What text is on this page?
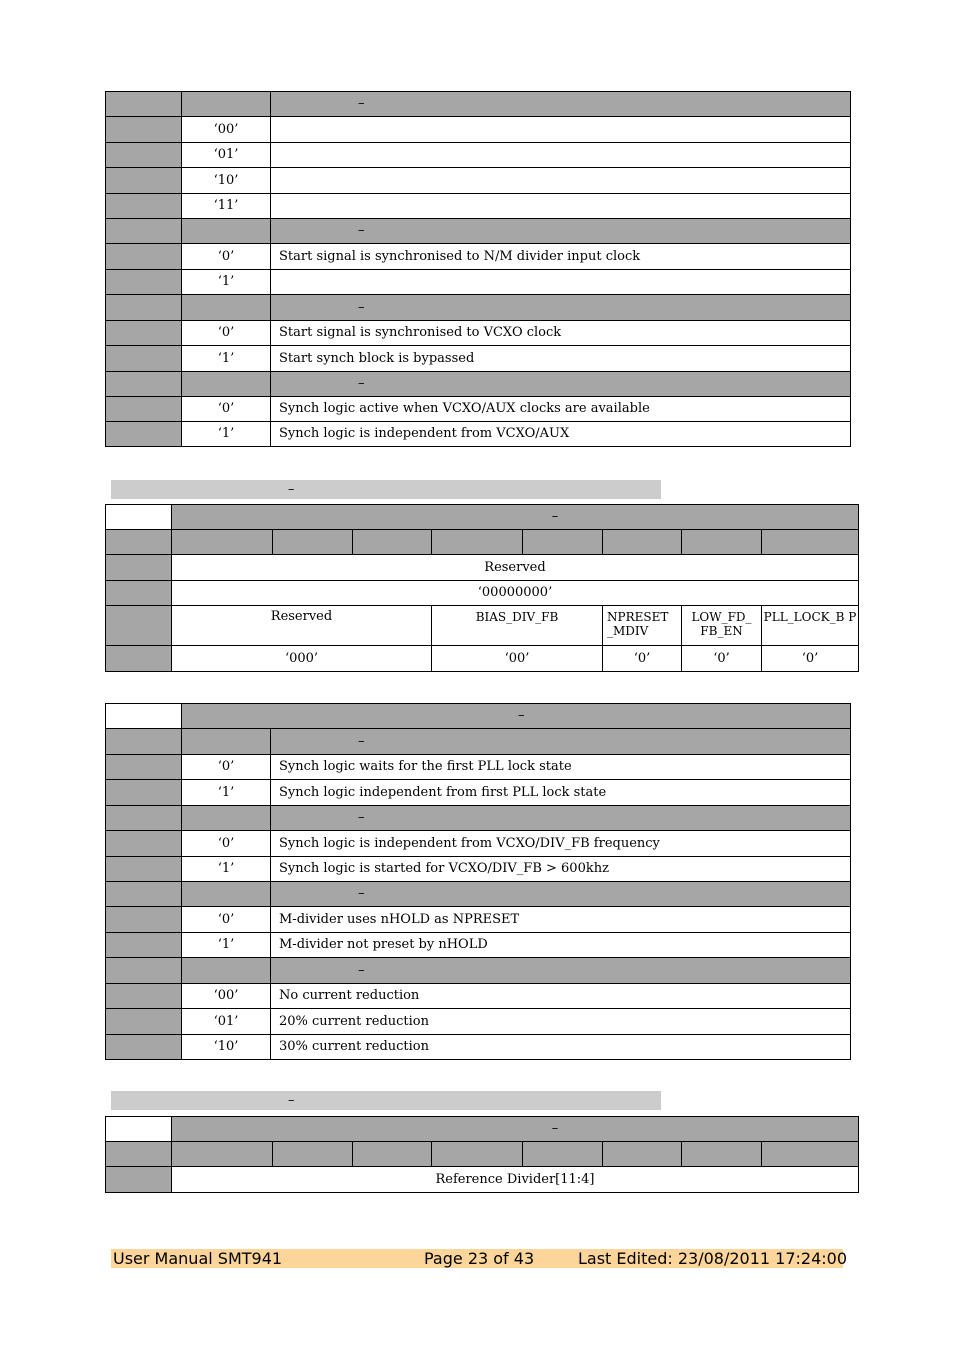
		–
	‘00’	
	‘01’	
	‘10’	
	‘11’	
		–
	‘0’	Start signal is synchronised to N/M divider input clock
	‘1’	
		–
	‘0’	Start signal is synchronised to VCXO clock
	‘1’	Start synch block is bypassed
		–
	‘0’	Synch logic active when VCXO/AUX clocks are available
	‘1’	Synch logic is independent from VCXO/AUX
–
	–							

	Reserved							
	‘00000000’							
	Reserved			BIAS_DIV_FB		NPRESET _MDIV	LOW_FD_ FB_EN	PLL_LOCK_B P
	‘000’			‘00’		‘0’	‘0’	‘0’
	–	
		–
	‘0’	Synch logic waits for the first PLL lock state
	‘1’	Synch logic independent from first PLL lock state
		–
	‘0’	Synch logic is independent from VCXO/DIV_FB frequency
	‘1’	Synch logic is started for VCXO/DIV_FB > 600khz
		–
	‘0’	M-divider uses nHOLD as NPRESET
	‘1’	M-divider not preset by nHOLD
		–
	‘00’	No current reduction
	‘01’	20% current reduction
	‘10’	30% current reduction
–
	–							

	Reference Divider[11:4]							
User Manual SMT941	Page 23 of 43	Last Edited: 23/08/2011 17:24:00
